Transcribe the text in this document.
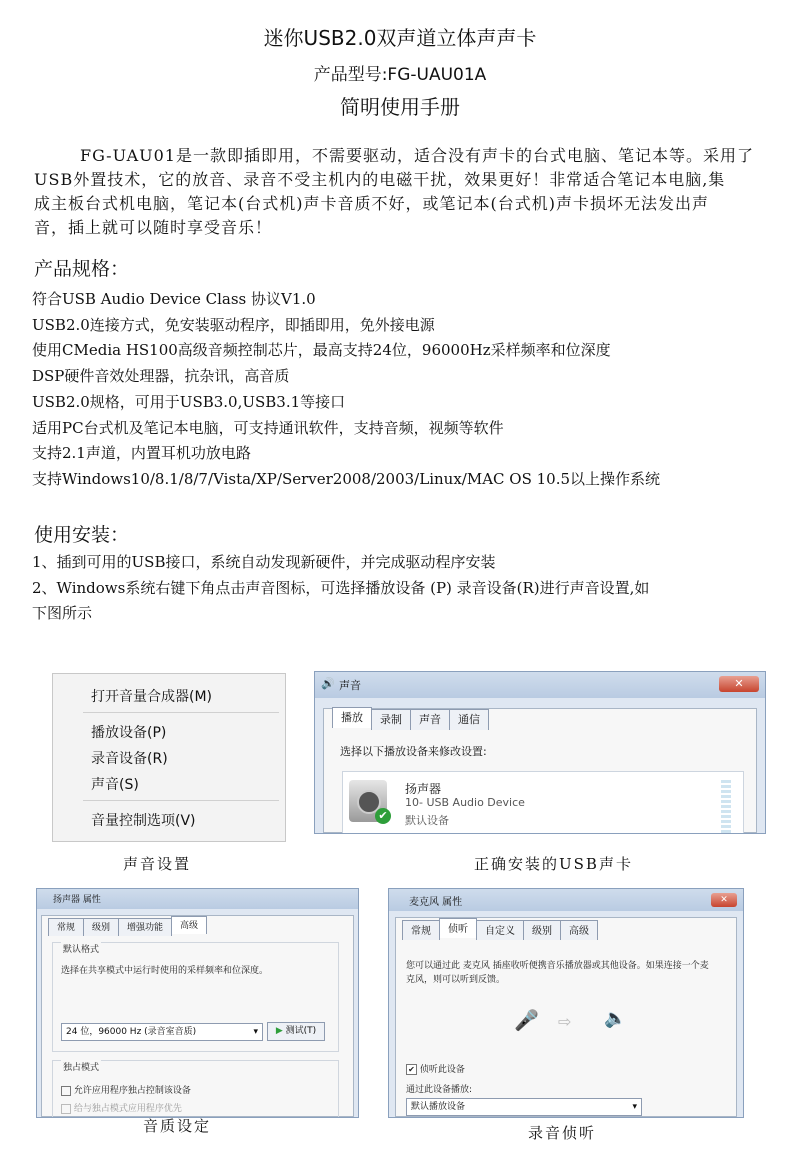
迷你USB2.0双声道立体声声卡
产品型号:FG-UAU01A
简明使用手册

FG-UAU01是一款即插即用，不需要驱动，适合没有声卡的台式电脑、笔记本等。采用了

USB外置技术，它的放音、录音不受主机内的电磁干扰，效果更好！非常适合笔记本电脑,集
成主板台式机电脑，笔记本(台式机)声卡音质不好，或笔记本(台式机)声卡损坏无法发出声
音，插上就可以随时享受音乐！
产品规格：
符合USB Audio Device Class 协议V1.0
USB2.0连接方式，免安装驱动程序，即插即用，免外接电源
使用CMedia HS100高级音频控制芯片，最高支持24位，96000Hz采样频率和位深度
DSP硬件音效处理器，抗杂讯，高音质
USB2.0规格，可用于USB3.0,USB3.1等接口
适用PC台式机及笔记本电脑，可支持通讯软件，支持音频，视频等软件
支持2.1声道，内置耳机功放电路
支持Windows10/8.1/8/7/Vista/XP/Server2008/2003/Linux/MAC OS 10.5以上操作系统
使用安装：
1、插到可用的USB接口，系统自动发现新硬件，并完成驱动程序安装
2、Windows系统右键下角点击声音图标，可选择播放设备 (P) 录音设备(R)进行声音设置,如
下图所示
打开音量合成器(M)
播放设备(P)
录音设备(R)
声音(S)
音量控制选项(V)
声音设置
🔊 声音	✕
播放	录制	声音	通信
选择以下播放设备来修改设置:
✔
扬声器
10- USB Audio Device
默认设备
正确安装的USB声卡
扬声器 属性
常规	级别	增强功能	高级
默认格式
选择在共享模式中运行时使用的采样频率和位深度。
24 位，96000 Hz (录音室音质)	▾	▶ 测试(T)
独占模式
允许应用程序独占控制该设备
给与独占模式应用程序优先
音质设定
麦克风 属性	✕
常规	侦听	自定义	级别	高级
您可以通过此 麦克风 插座收听便携音乐播放器或其他设备。如果连接一个麦
克风，则可以听到反馈。
🎤 ⇨ 🔈
✔ 侦听此设备
通过此设备播放:
默认播放设备	▾
录音侦听
